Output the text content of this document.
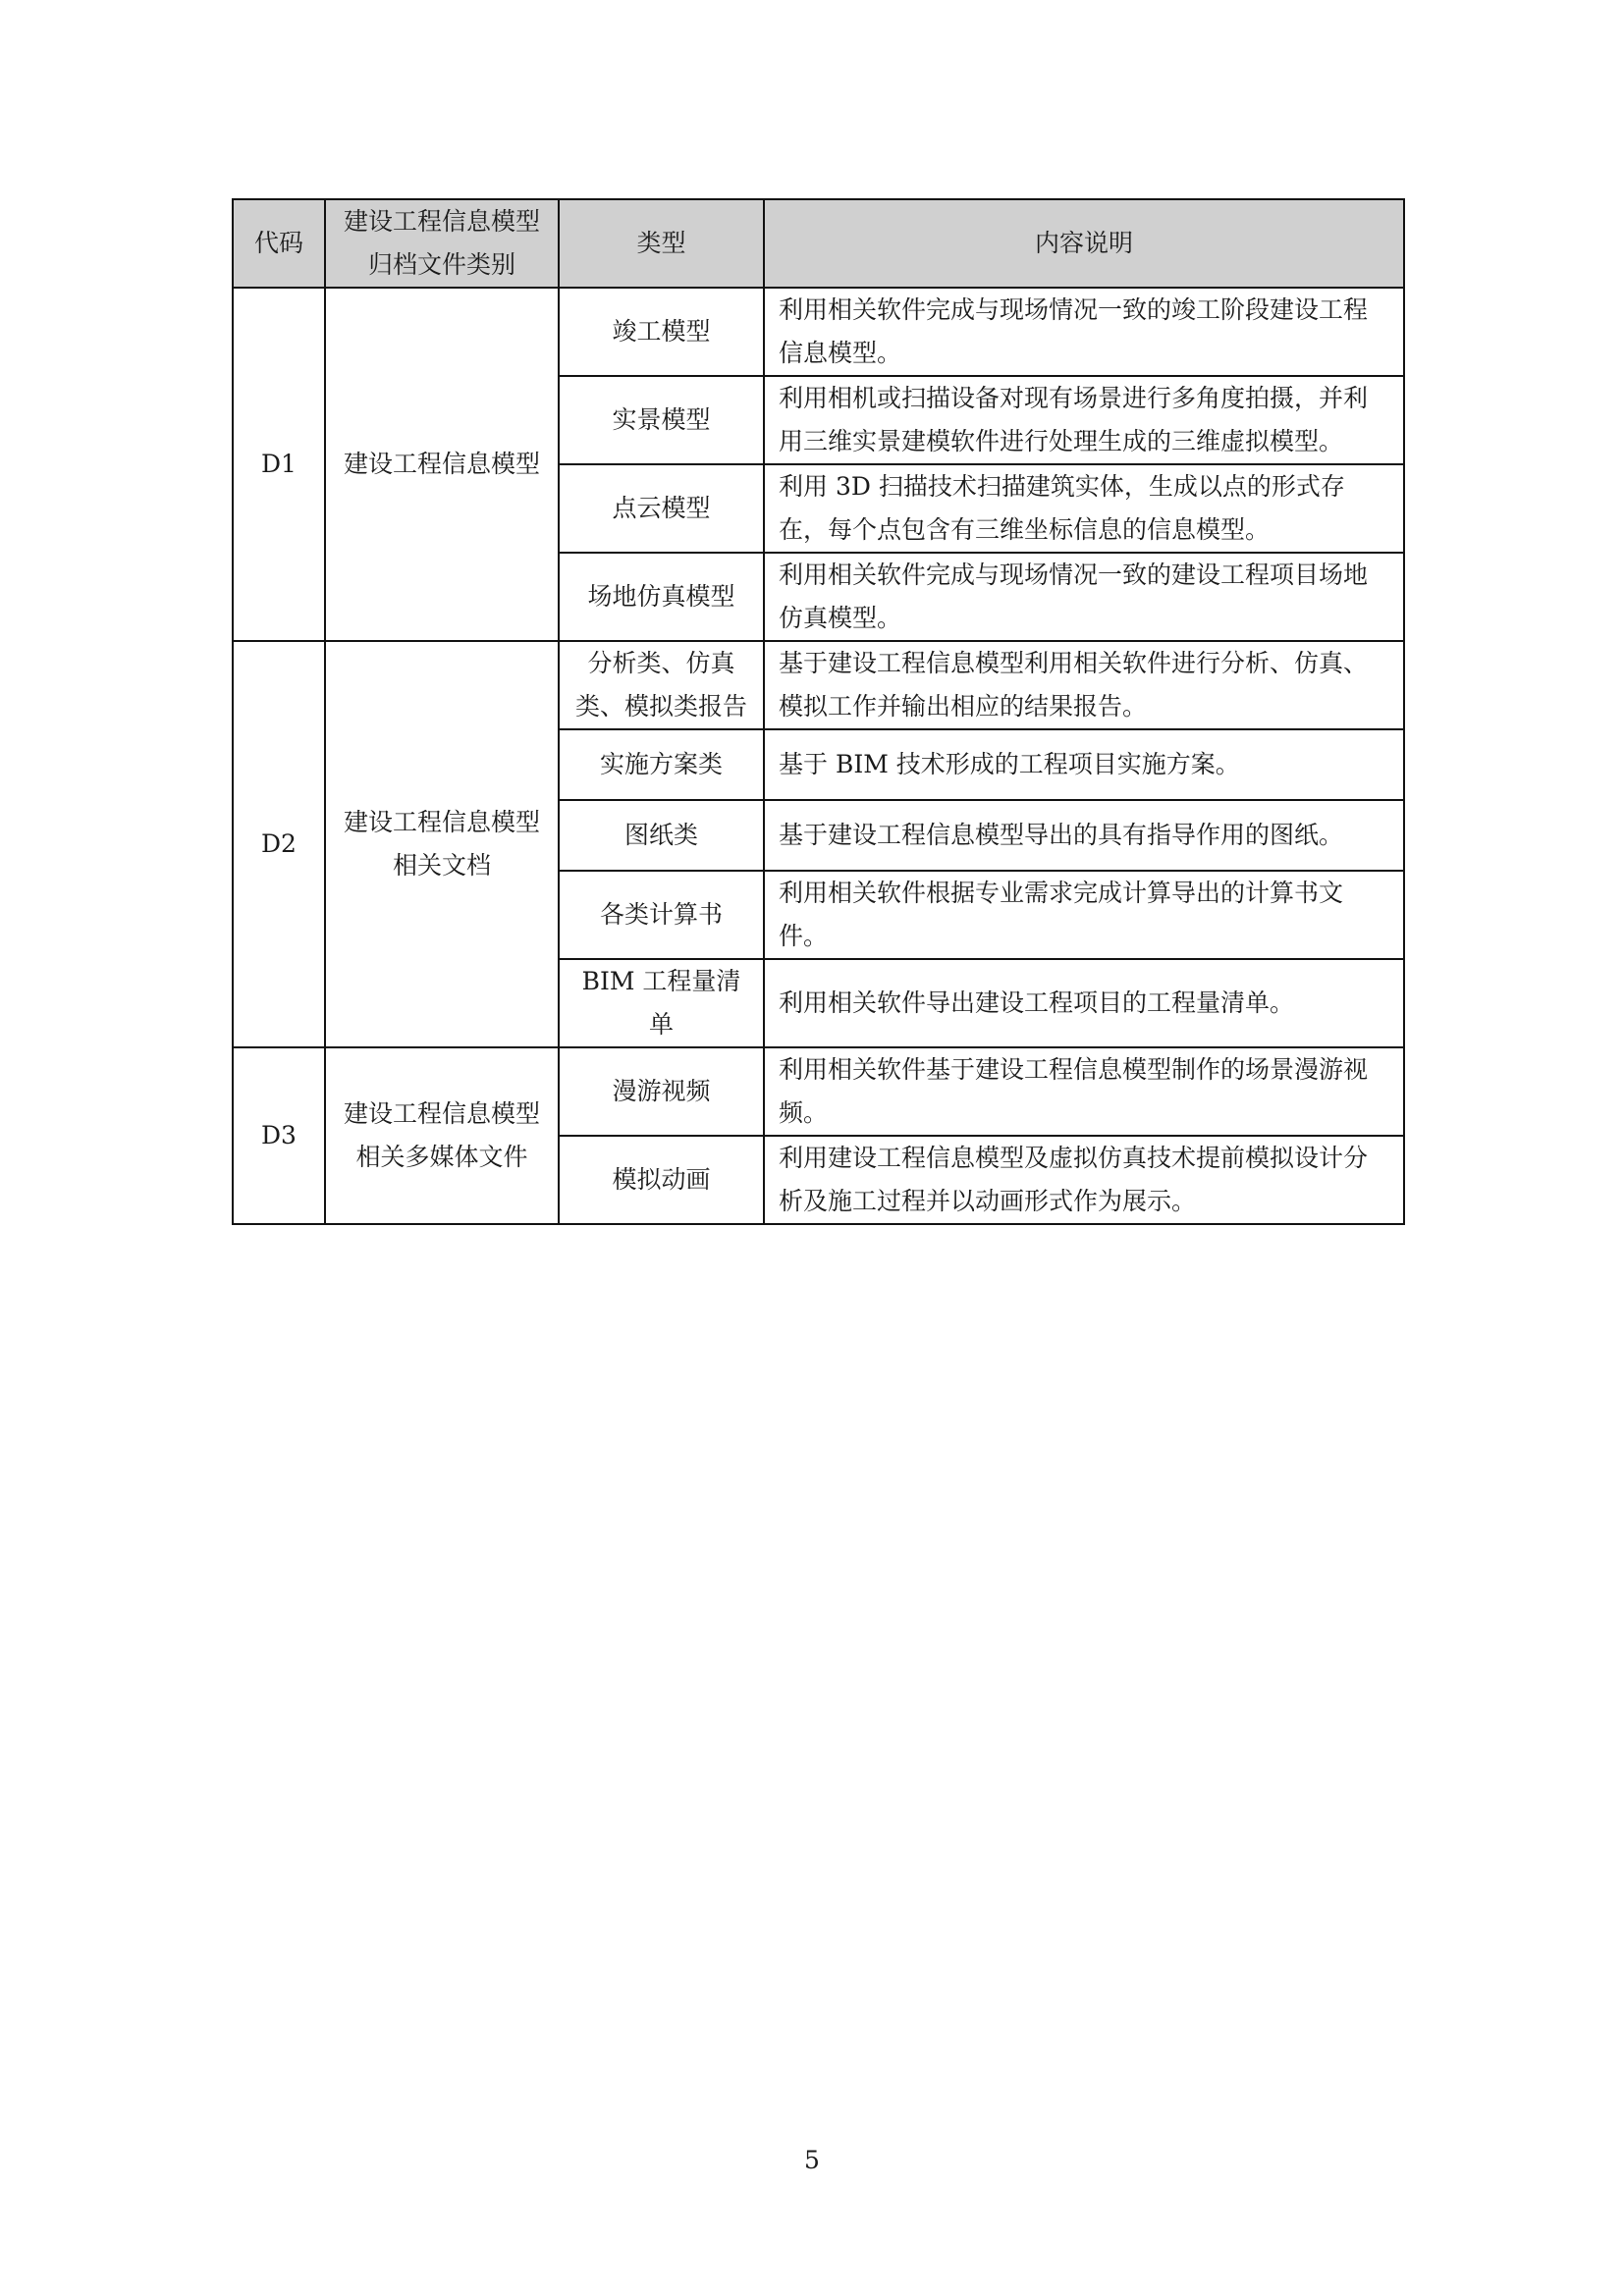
代码	建设工程信息模型归档文件类别	类型	内容说明
D1	建设工程信息模型	竣工模型	利用相关软件完成与现场情况一致的竣工阶段建设工程信息模型。
		实景模型	利用相机或扫描设备对现有场景进行多角度拍摄，并利用三维实景建模软件进行处理生成的三维虚拟模型。
		点云模型	利用 3D 扫描技术扫描建筑实体，生成以点的形式存在，每个点包含有三维坐标信息的信息模型。
		场地仿真模型	利用相关软件完成与现场情况一致的建设工程项目场地仿真模型。
D2	建设工程信息模型相关文档	分析类、仿真类、模拟类报告	基于建设工程信息模型利用相关软件进行分析、仿真、模拟工作并输出相应的结果报告。
		实施方案类	基于 BIM 技术形成的工程项目实施方案。
		图纸类	基于建设工程信息模型导出的具有指导作用的图纸。
		各类计算书	利用相关软件根据专业需求完成计算导出的计算书文件。
		BIM 工程量清单	利用相关软件导出建设工程项目的工程量清单。
D3	建设工程信息模型相关多媒体文件	漫游视频	利用相关软件基于建设工程信息模型制作的场景漫游视频。
		模拟动画	利用建设工程信息模型及虚拟仿真技术提前模拟设计分析及施工过程并以动画形式作为展示。
5
